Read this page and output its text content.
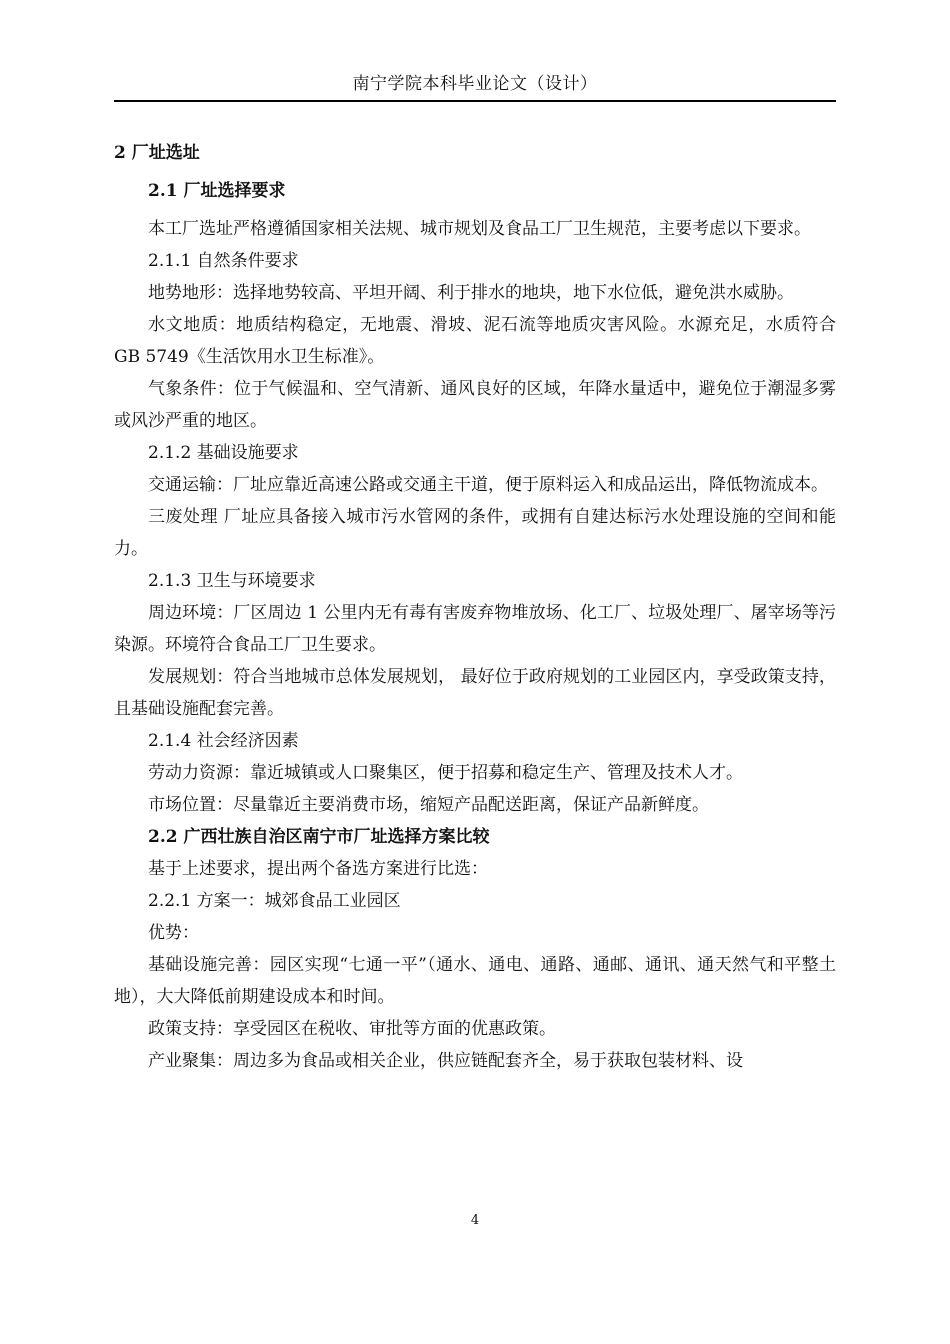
南宁学院本科毕业论文（设计）

2 厂址选址

2.1 厂址选择要求

本工厂选址严格遵循国家相关法规、城市规划及食品工厂卫生规范，主要考虑以下要求。

2.1.1 自然条件要求

地势地形：选择地势较高、平坦开阔、利于排水的地块，地下水位低，避免洪水威胁。

水文地质：地质结构稳定，无地震、滑坡、泥石流等地质灾害风险。水源充足，水质符合 GB 5749《生活饮用水卫生标准》。

气象条件：位于气候温和、空气清新、通风良好的区域，年降水量适中，避免位于潮湿多雾或风沙严重的地区。

2.1.2 基础设施要求

交通运输：厂址应靠近高速公路或交通主干道，便于原料运入和成品运出，降低物流成本。

三废处理 厂址应具备接入城市污水管网的条件，或拥有自建达标污水处理设施的空间和能力。

2.1.3 卫生与环境要求

周边环境：厂区周边 1 公里内无有毒有害废弃物堆放场、化工厂、垃圾处理厂、屠宰场等污染源。环境符合食品工厂卫生要求。

发展规划：符合当地城市总体发展规划， 最好位于政府规划的工业园区内，享受政策支持，且基础设施配套完善。

2.1.4 社会经济因素

劳动力资源：靠近城镇或人口聚集区，便于招募和稳定生产、管理及技术人才。

市场位置：尽量靠近主要消费市场，缩短产品配送距离，保证产品新鲜度。

2.2 广西壮族自治区南宁市厂址选择方案比较

基于上述要求，提出两个备选方案进行比选：

2.2.1 方案一：城郊食品工业园区

优势：

基础设施完善：园区实现“七通一平”（通水、通电、通路、通邮、通讯、通天然气和平整土地），大大降低前期建设成本和时间。

政策支持：享受园区在税收、审批等方面的优惠政策。

产业聚集：周边多为食品或相关企业，供应链配套齐全，易于获取包装材料、设

4
